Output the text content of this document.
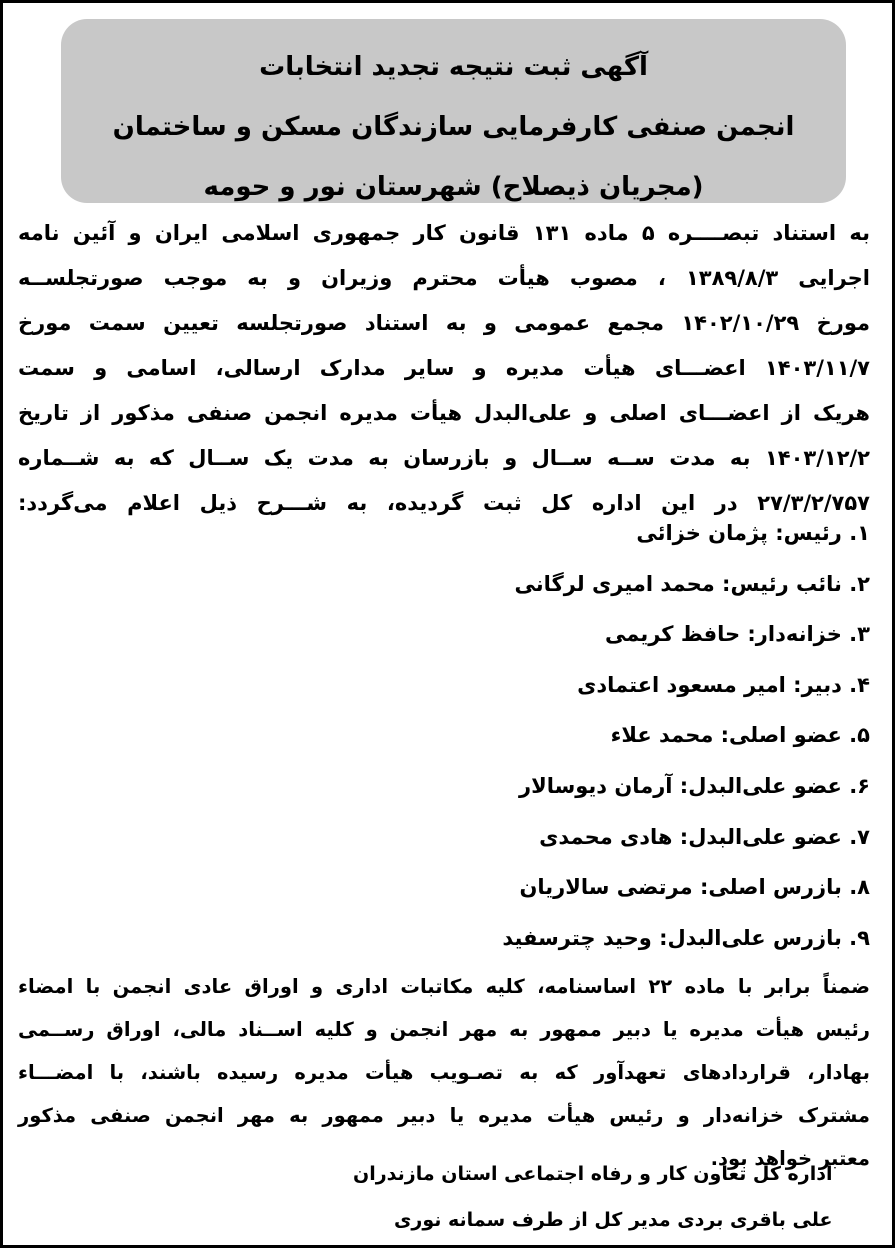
آگهی ثبت نتیجه تجدید انتخابات
انجمن صنفی کارفرمایی سازندگان مسکن و ساختمان
(مجریان ذیصلاح) شهرستان نور و حومه
به استناد تبصــــره ۵ ماده ۱۳۱ قانون کار جمهوری اسلامی ایران و آئین نامه
اجرایی ۱۳۸۹/۸/۳ ، مصوب هیأت محترم وزیران و به موجب صورتجلســه
مورخ ۱۴۰۲/۱۰/۲۹ مجمع عمومی و به استناد صورتجلسه تعیین سمت مورخ
۱۴۰۳/۱۱/۷ اعضـــای هیأت مدیره و سایر مدارک ارسالی، اسامی و سمت
هریک از اعضـــای اصلی و علی‌البدل هیأت مدیره انجمن صنفی مذکور از تاریخ
۱۴۰۳/۱۲/۲ به مدت ســه ســال و بازرسان به مدت یک ســال که به شــماره
۲۷/۳/۲/۷۵۷ در این اداره کل ثبت گردیده، به شـــرح ذیل اعلام می‌گردد:
۱. رئیس: پژمان خزائی
۲. نائب رئیس: محمد امیری لرگانی
۳. خزانه‌دار: حافظ کریمی
۴. دبیر: امیر مسعود اعتمادی
۵. عضو اصلی: محمد علاء
۶. عضو علی‌البدل: آرمان دیوسالار
۷. عضو علی‌البدل: هادی محمدی
۸. بازرس اصلی: مرتضی سالاریان
۹. بازرس علی‌البدل: وحید چترسفید
ضمناً برابر با ماده ۲۲ اساسنامه، کلیه مکاتبات اداری و اوراق عادی انجمن با امضاء
رئیس هیأت مدیره یا دبیر ممهور به مهر انجمن و کلیه اســناد مالی، اوراق رســمی
بهادار، قراردادهای تعهدآور که به تصـویب هیأت مدیره رسیده باشند، با امضـــاء
مشترک خزانه‌دار و رئیس هیأت مدیره یا دبیر ممهور به مهر انجمن صنفی مذکور
معتبر خواهد بود.
اداره کل تعاون کار و رفاه اجتماعی استان مازندران
علی باقری بردی مدیر کل از طرف سمانه نوری
